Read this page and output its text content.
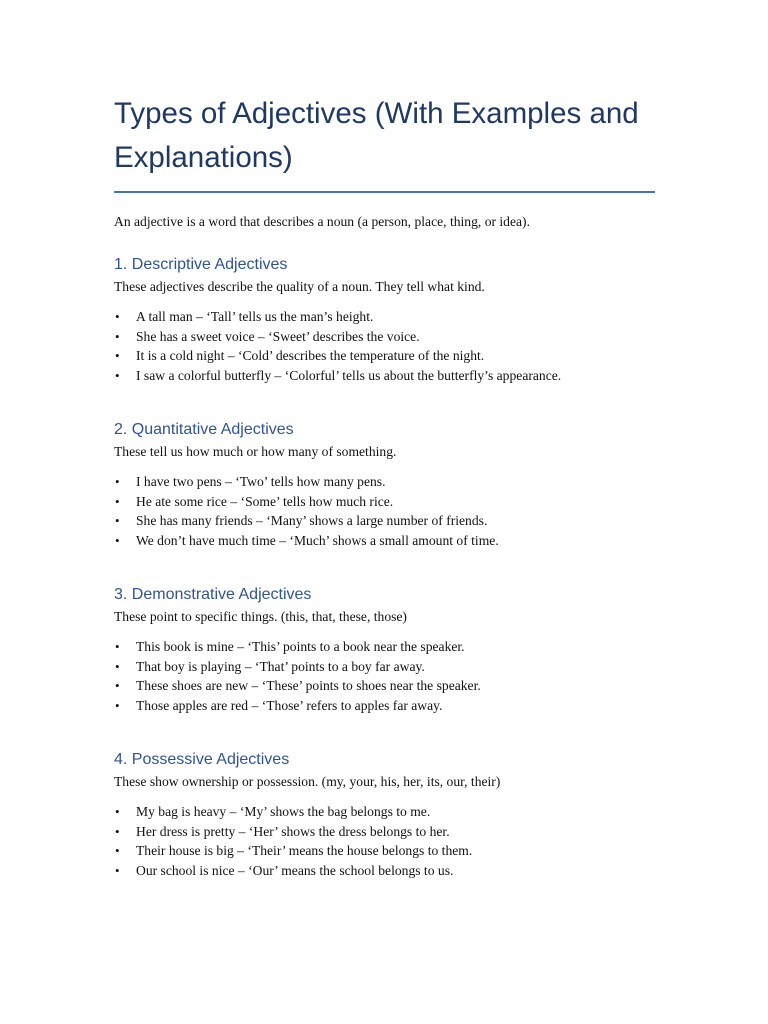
Types of Adjectives (With Examples and Explanations)

An adjective is a word that describes a noun (a person, place, thing, or idea).

1. Descriptive Adjectives

These adjectives describe the quality of a noun. They tell what kind.

• A tall man – ‘Tall’ tells us the man’s height.
• She has a sweet voice – ‘Sweet’ describes the voice.
• It is a cold night – ‘Cold’ describes the temperature of the night.
• I saw a colorful butterfly – ‘Colorful’ tells us about the butterfly’s appearance.
2. Quantitative Adjectives

These tell us how much or how many of something.

• I have two pens – ‘Two’ tells how many pens.
• He ate some rice – ‘Some’ tells how much rice.
• She has many friends – ‘Many’ shows a large number of friends.
• We don’t have much time – ‘Much’ shows a small amount of time.
3. Demonstrative Adjectives

These point to specific things. (this, that, these, those)

• This book is mine – ‘This’ points to a book near the speaker.
• That boy is playing – ‘That’ points to a boy far away.
• These shoes are new – ‘These’ points to shoes near the speaker.
• Those apples are red – ‘Those’ refers to apples far away.
4. Possessive Adjectives

These show ownership or possession. (my, your, his, her, its, our, their)

• My bag is heavy – ‘My’ shows the bag belongs to me.
• Her dress is pretty – ‘Her’ shows the dress belongs to her.
• Their house is big – ‘Their’ means the house belongs to them.
• Our school is nice – ‘Our’ means the school belongs to us.
